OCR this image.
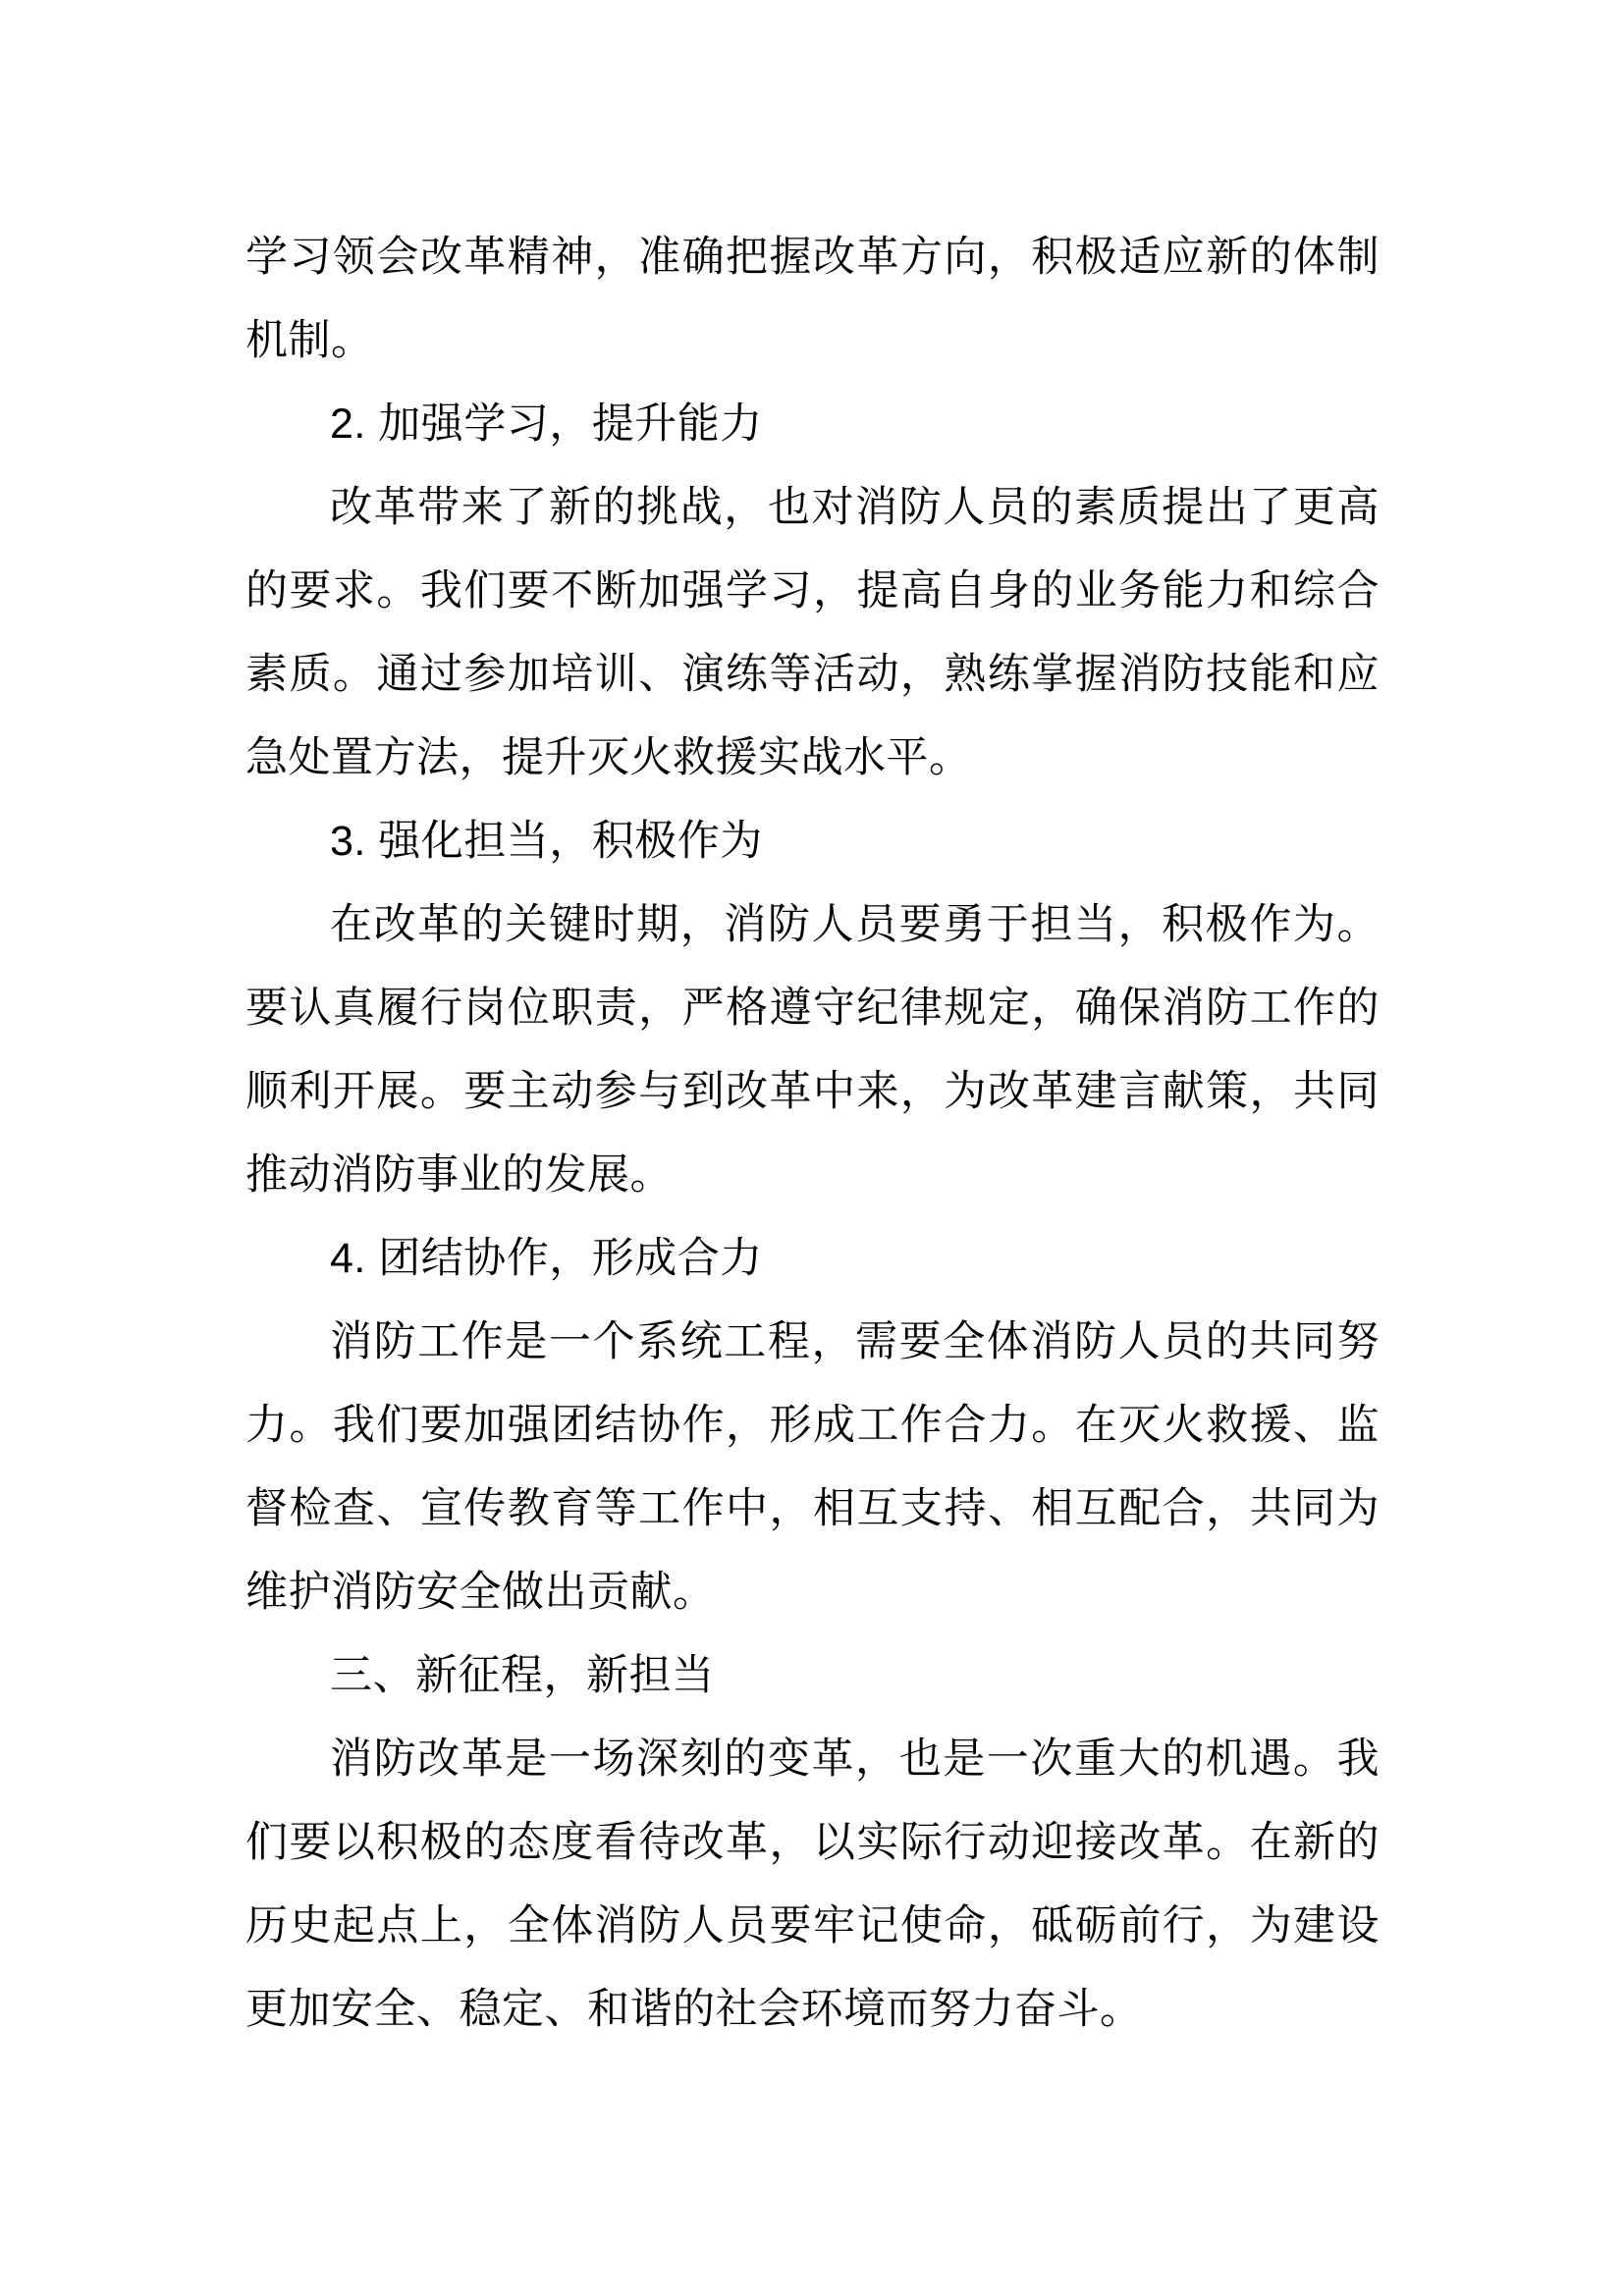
学习领会改革精神，准确把握改革方向，积极适应新的体制机制。

2. 加强学习，提升能力

改革带来了新的挑战，也对消防人员的素质提出了更高的要求。我们要不断加强学习，提高自身的业务能力和综合素质。通过参加培训、演练等活动，熟练掌握消防技能和应急处置方法，提升灭火救援实战水平。

3. 强化担当，积极作为

在改革的关键时期，消防人员要勇于担当，积极作为。要认真履行岗位职责，严格遵守纪律规定，确保消防工作的顺利开展。要主动参与到改革中来，为改革建言献策，共同推动消防事业的发展。

4. 团结协作，形成合力

消防工作是一个系统工程，需要全体消防人员的共同努力。我们要加强团结协作，形成工作合力。在灭火救援、监督检查、宣传教育等工作中，相互支持、相互配合，共同为维护消防安全做出贡献。

三、新征程，新担当

消防改革是一场深刻的变革，也是一次重大的机遇。我们要以积极的态度看待改革，以实际行动迎接改革。在新的历史起点上，全体消防人员要牢记使命，砥砺前行，为建设更加安全、稳定、和谐的社会环境而努力奋斗。
